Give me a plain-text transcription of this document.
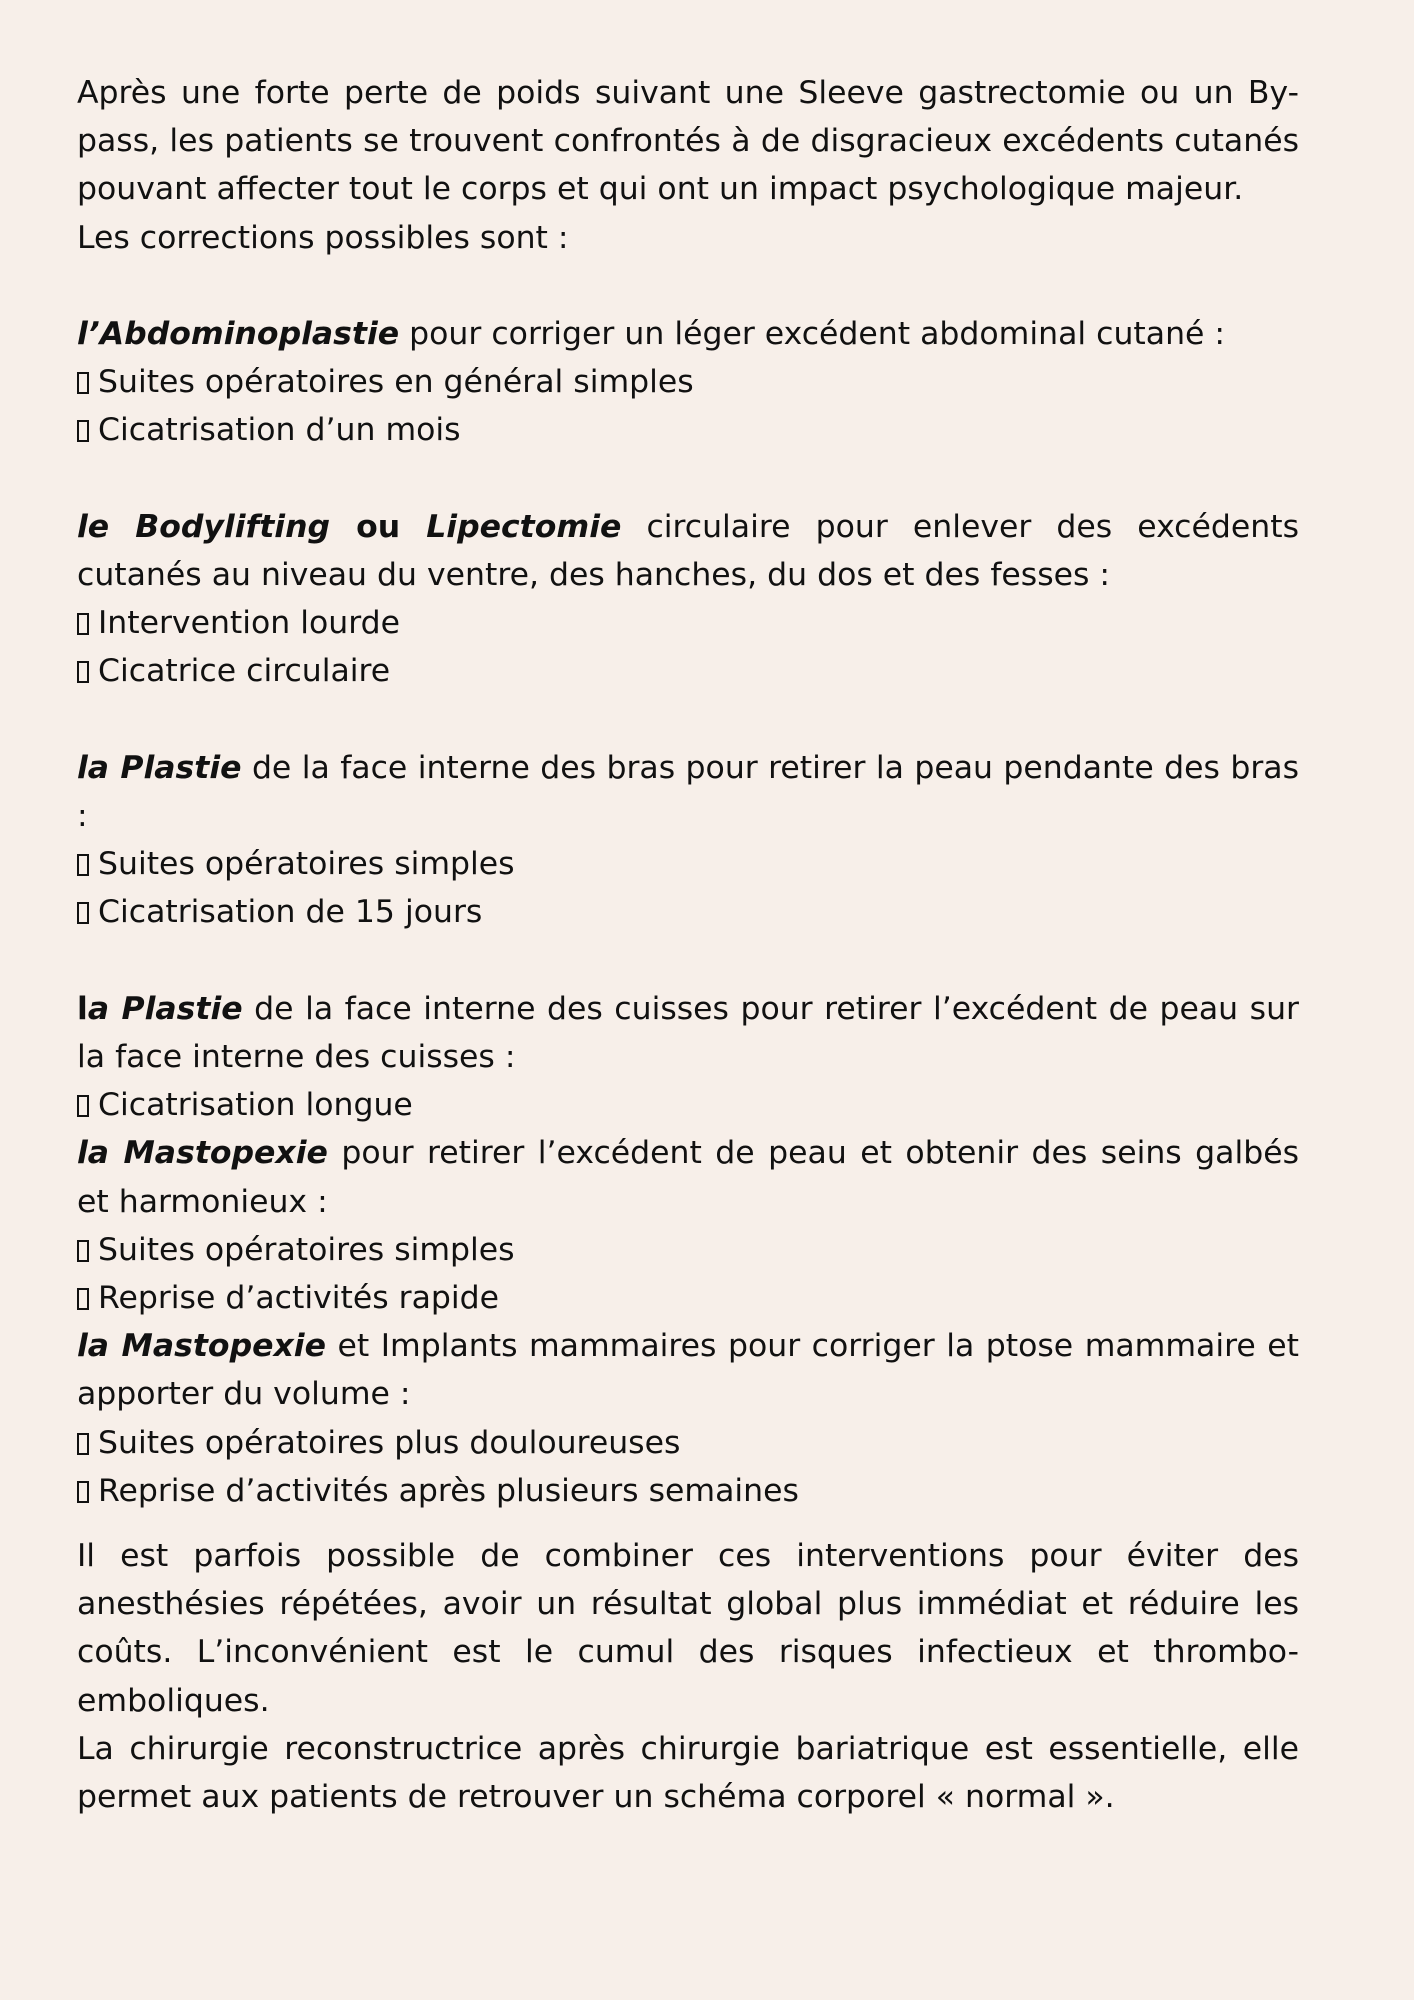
Après une forte perte de poids suivant une Sleeve gastrectomie ou un By-pass, les patients se trouvent confrontés à de disgracieux excédents cutanés pouvant affecter tout le corps et qui ont un impact psychologique majeur.

Les corrections possibles sont :

l’Abdominoplastie pour corriger un léger excédent abdominal cutané :

Suites opératoires en général simples

Cicatrisation d’un mois

le Bodylifting ou Lipectomie circulaire pour enlever des excédents cutanés au niveau du ventre, des hanches, du dos et des fesses :

Intervention lourde

Cicatrice circulaire

la Plastie de la face interne des bras pour retirer la peau pendante des bras :

Suites opératoires simples

Cicatrisation de 15 jours

la Plastie de la face interne des cuisses pour retirer l’excédent de peau sur la face interne des cuisses :

Cicatrisation longue

la Mastopexie pour retirer l’excédent de peau et obtenir des seins galbés et harmonieux :

Suites opératoires simples

Reprise d’activités rapide

la Mastopexie et Implants mammaires pour corriger la ptose mammaire et apporter du volume :

Suites opératoires plus douloureuses

Reprise d’activités après plusieurs semaines

Il est parfois possible de combiner ces interventions pour éviter des anesthésies répétées, avoir un résultat global plus immédiat et réduire les coûts. L’inconvénient est le cumul des risques infectieux et thrombo-emboliques.

La chirurgie reconstructrice après chirurgie bariatrique est essentielle, elle permet aux patients de retrouver un schéma corporel « normal ».
